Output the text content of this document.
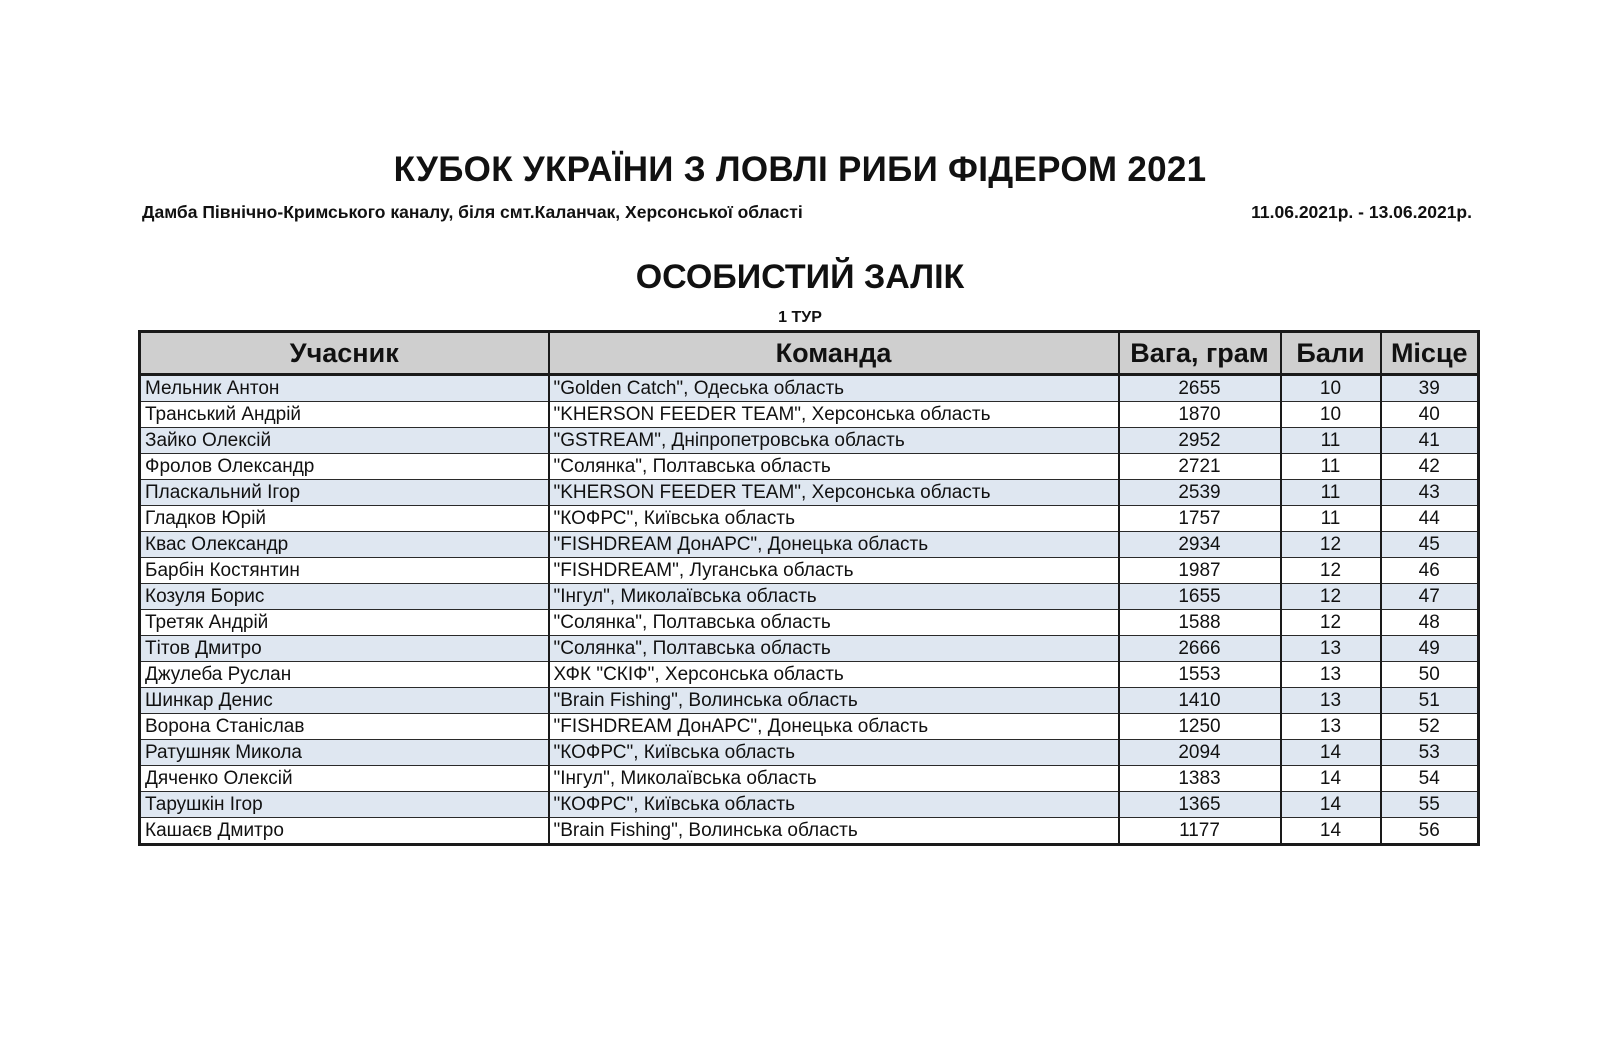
КУБОК УКРАЇНИ З ЛОВЛІ РИБИ ФІДЕРОМ 2021
Дамба Північно-Кримського каналу, біля смт.Каланчак, Херсонської області	11.06.2021р. - 13.06.2021р.
ОСОБИСТИЙ ЗАЛІК
1 ТУР
Учасник	Команда	Вага, грам	Бали	Місце
Мельник Антон	"Golden Catch", Одеська область	2655	10	39
Транський Андрій	"KHERSON FEEDER TEAM", Херсонська область	1870	10	40
Зайко Олексій	"GSTREAM", Дніпропетровська область	2952	11	41
Фролов Олександр	"Солянка", Полтавська область	2721	11	42
Пласкальний Ігор	"KHERSON FEEDER TEAM", Херсонська область	2539	11	43
Гладков Юрій	"КОФРС", Київська область	1757	11	44
Квас Олександр	"FISHDREAM ДонАРС", Донецька область	2934	12	45
Барбін Костянтин	"FISHDREAM", Луганська область	1987	12	46
Козуля Борис	"Інгул", Миколаївська область	1655	12	47
Третяк Андрій	"Солянка", Полтавська область	1588	12	48
Тітов Дмитро	"Солянка", Полтавська область	2666	13	49
Джулеба Руслан	ХФК "СКІФ", Херсонська область	1553	13	50
Шинкар Денис	"Brain Fishing", Волинська область	1410	13	51
Ворона Станіслав	"FISHDREAM ДонАРС", Донецька область	1250	13	52
Ратушняк Микола	"КОФРС", Київська область	2094	14	53
Дяченко Олексій	"Інгул", Миколаївська область	1383	14	54
Тарушкін Ігор	"КОФРС", Київська область	1365	14	55
Кашаєв Дмитро	"Brain Fishing", Волинська область	1177	14	56
